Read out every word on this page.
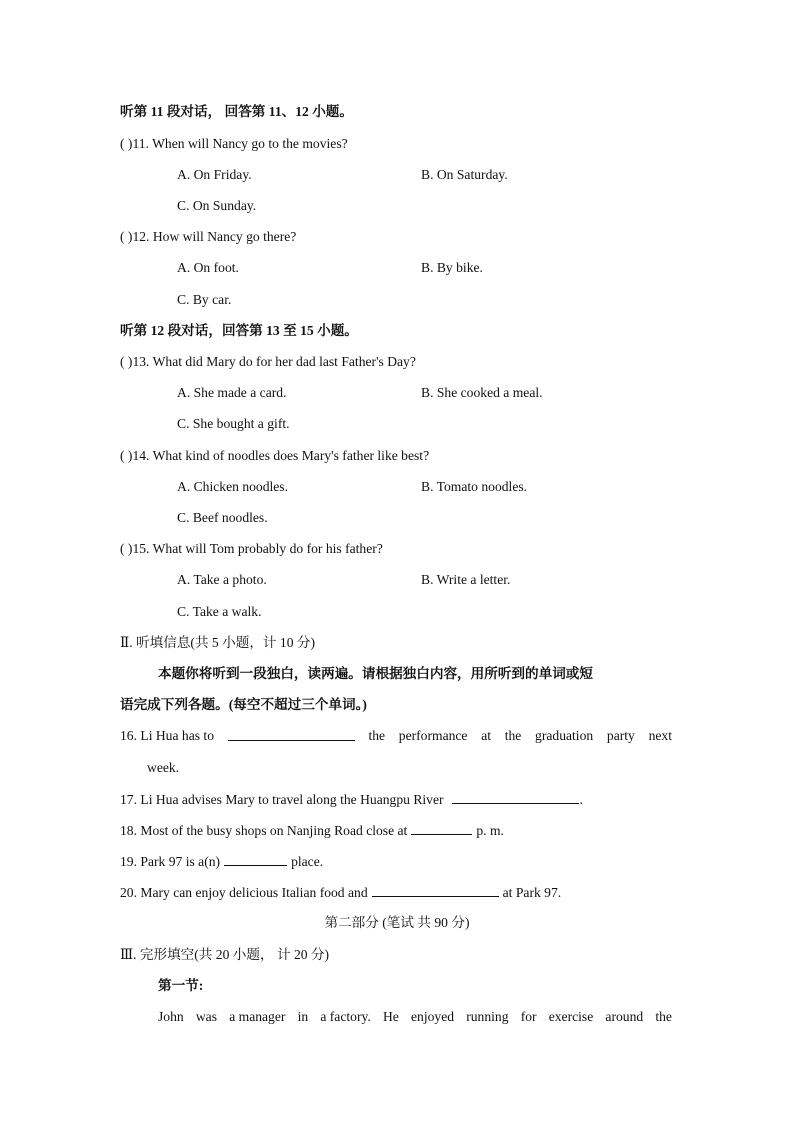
听第 11 段对话， 回答第 11、12 小题。
( )11. When will Nancy go to the movies?
A. On Friday.	B. On Saturday.
C. On Sunday.
( )12. How will Nancy go there?
A. On foot.	B. By bike.
C. By car.
听第 12 段对话，回答第 13 至 15 小题。
( )13. What did Mary do for her dad last Father's Day?
A. She made a card.	B. She cooked a meal.
C. She bought a gift.
( )14. What kind of noodles does Mary's father like best?
A. Chicken noodles.	B. Tomato noodles.
C. Beef noodles.
( )15. What will Tom probably do for his father?
A. Take a photo.	B. Write a letter.
C. Take a walk.
Ⅱ. 听填信息(共 5 小题，计 10 分)
本题你将听到一段独白，读两遍。请根据独白内容，用所听到的单词或短
语完成下列各题。(每空不超过三个单词。)
16. Li Hua has to	the performance at the graduation party next
week.
17. Li Hua advises Mary to travel along the Huangpu River	.
18. Most of the busy shops on Nanjing Road close at	p. m.
19. Park 97 is a(n)	place.
20. Mary can enjoy delicious Italian food and	at Park 97.
第二部分 (笔试 共 90 分)
Ⅲ. 完形填空(共 20 小题， 计 20 分)
第一节:
John was a manager in a factory. He enjoyed running for exercise around the
